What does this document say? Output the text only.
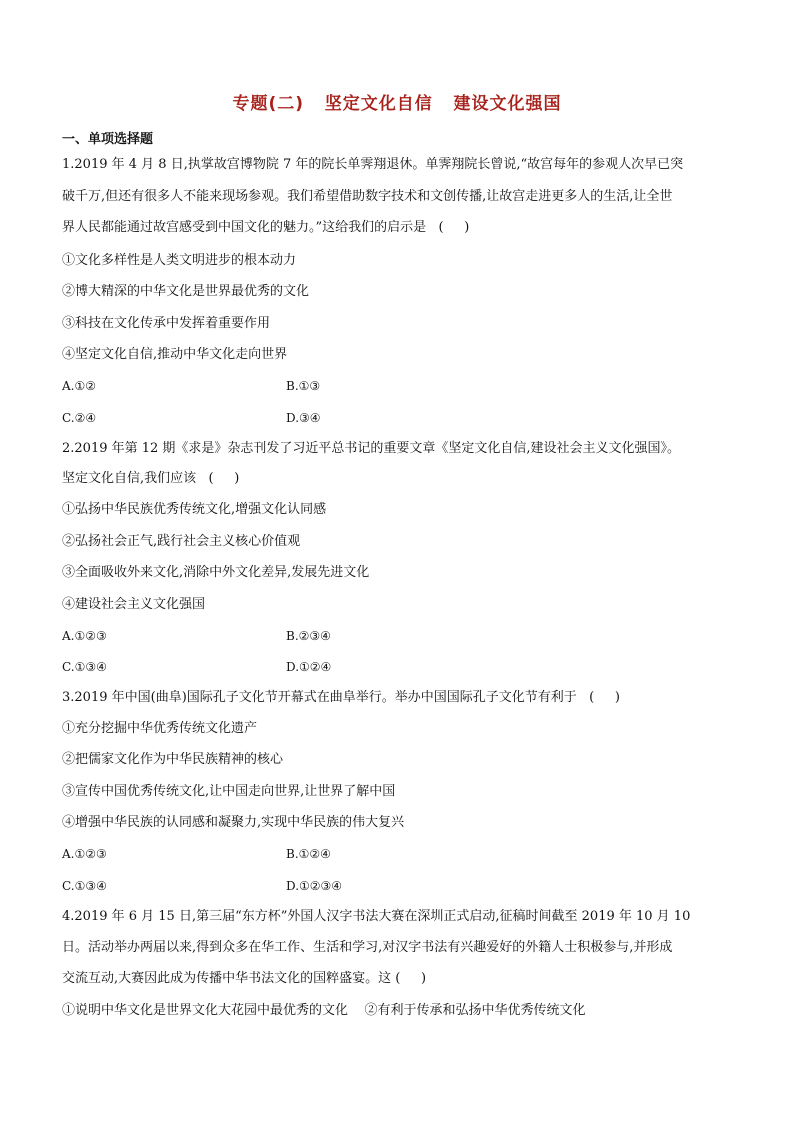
专题(二)   坚定文化自信   建设文化强国
一、单项选择题
1.2019 年 4 月 8 日,执掌故宫博物院 7 年的院长单霁翔退休。单霁翔院长曾说,“故宫每年的参观人次早已突
破千万,但还有很多人不能来现场参观。我们希望借助数字技术和文创传播,让故宫走进更多人的生活,让全世
界人民都能通过故宫感受到中国文化的魅力。”这给我们的启示是   (     )
①文化多样性是人类文明进步的根本动力
②博大精深的中华文化是世界最优秀的文化
③科技在文化传承中发挥着重要作用
④坚定文化自信,推动中华文化走向世界
A.①②	B.①③
C.②④	D.③④
2.2019 年第 12 期《求是》杂志刊发了习近平总书记的重要文章《坚定文化自信,建设社会主义文化强国》。
坚定文化自信,我们应该   (     )
①弘扬中华民族优秀传统文化,增强文化认同感
②弘扬社会正气,践行社会主义核心价值观
③全面吸收外来文化,消除中外文化差异,发展先进文化
④建设社会主义文化强国
A.①②③	B.②③④
C.①③④	D.①②④
3.2019 年中国(曲阜)国际孔子文化节开幕式在曲阜举行。举办中国国际孔子文化节有利于   (     )
①充分挖掘中华优秀传统文化遗产
②把儒家文化作为中华民族精神的核心
③宣传中国优秀传统文化,让中国走向世界,让世界了解中国
④增强中华民族的认同感和凝聚力,实现中华民族的伟大复兴
A.①②③	B.①②④
C.①③④	D.①②③④
4.2019 年 6 月 15 日,第三届“东方杯”外国人汉字书法大赛在深圳正式启动,征稿时间截至 2019 年 10 月 10
日。活动举办两届以来,得到众多在华工作、生活和学习,对汉字书法有兴趣爱好的外籍人士积极参与,并形成
交流互动,大赛因此成为传播中华书法文化的国粹盛宴。这 (     )
①说明中华文化是世界文化大花园中最优秀的文化    ②有利于传承和弘扬中华优秀传统文化
